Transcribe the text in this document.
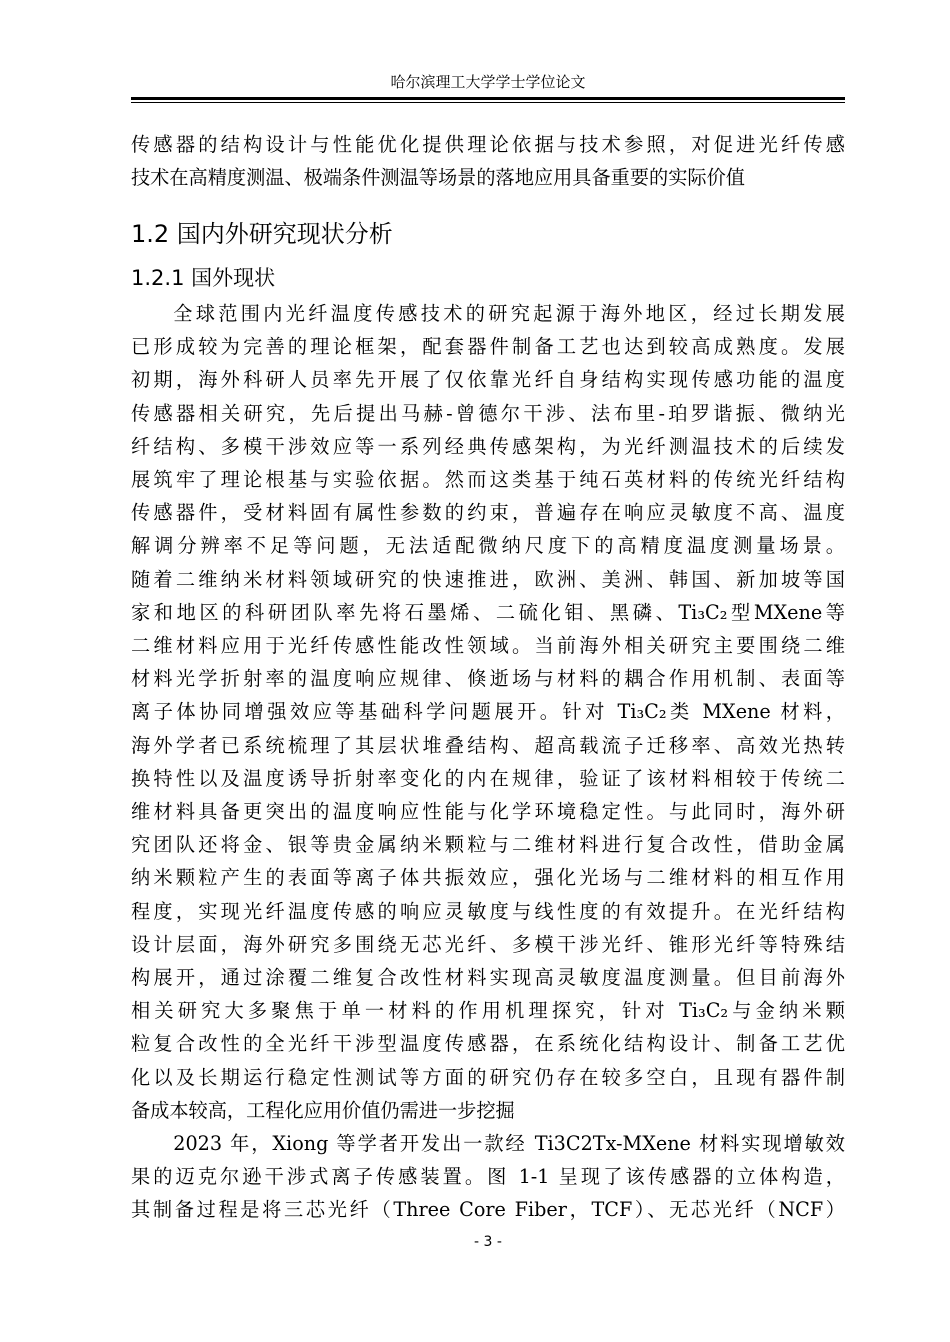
哈尔滨理工大学学士学位论文

传感器的结构设计与性能优化提供理论依据与技术参照，对促进光纤传感

技术在高精度测温、极端条件测温等场景的落地应用具备重要的实际价值

1.2 国内外研究现状分析
1.2.1 国外现状

全球范围内光纤温度传感技术的研究起源于海外地区，经过长期发展

已形成较为完善的理论框架，配套器件制备工艺也达到较高成熟度。发展

初期，海外科研人员率先开展了仅依靠光纤自身结构实现传感功能的温度

传感器相关研究，先后提出马赫-曾德尔干涉、法布里-珀罗谐振、微纳光

纤结构、多模干涉效应等一系列经典传感架构，为光纤测温技术的后续发

展筑牢了理论根基与实验依据。然而这类基于纯石英材料的传统光纤结构

传感器件，受材料固有属性参数的约束，普遍存在响应灵敏度不高、温度

解调分辨率不足等问题，无法适配微纳尺度下的高精度温度测量场景。

随着二维纳米材料领域研究的快速推进，欧洲、美洲、韩国、新加坡等国

家和地区的科研团队率先将石墨烯、二硫化钼、黑磷、Ti₃C₂型MXene等

二维材料应用于光纤传感性能改性领域。当前海外相关研究主要围绕二维

材料光学折射率的温度响应规律、倏逝场与材料的耦合作用机制、表面等

离子体协同增强效应等基础科学问题展开。针对 Ti₃C₂类 MXene 材料，

海外学者已系统梳理了其层状堆叠结构、超高载流子迁移率、高效光热转

换特性以及温度诱导折射率变化的内在规律，验证了该材料相较于传统二

维材料具备更突出的温度响应性能与化学环境稳定性。与此同时，海外研

究团队还将金、银等贵金属纳米颗粒与二维材料进行复合改性，借助金属

纳米颗粒产生的表面等离子体共振效应，强化光场与二维材料的相互作用

程度，实现光纤温度传感的响应灵敏度与线性度的有效提升。在光纤结构

设计层面，海外研究多围绕无芯光纤、多模干涉光纤、锥形光纤等特殊结

构展开，通过涂覆二维复合改性材料实现高灵敏度温度测量。但目前海外

相关研究大多聚焦于单一材料的作用机理探究，针对 Ti₃C₂与金纳米颗

粒复合改性的全光纤干涉型温度传感器，在系统化结构设计、制备工艺优

化以及长期运行稳定性测试等方面的研究仍存在较多空白，且现有器件制

备成本较高，工程化应用价值仍需进一步挖掘

2023 年，Xiong 等学者开发出一款经 Ti3C2Tx-MXene 材料实现增敏效

果的迈克尔逊干涉式离子传感装置。图 1-1 呈现了该传感器的立体构造，

其制备过程是将三芯光纤（Three Core Fiber，TCF）、无芯光纤（NCF）

- 3 -
